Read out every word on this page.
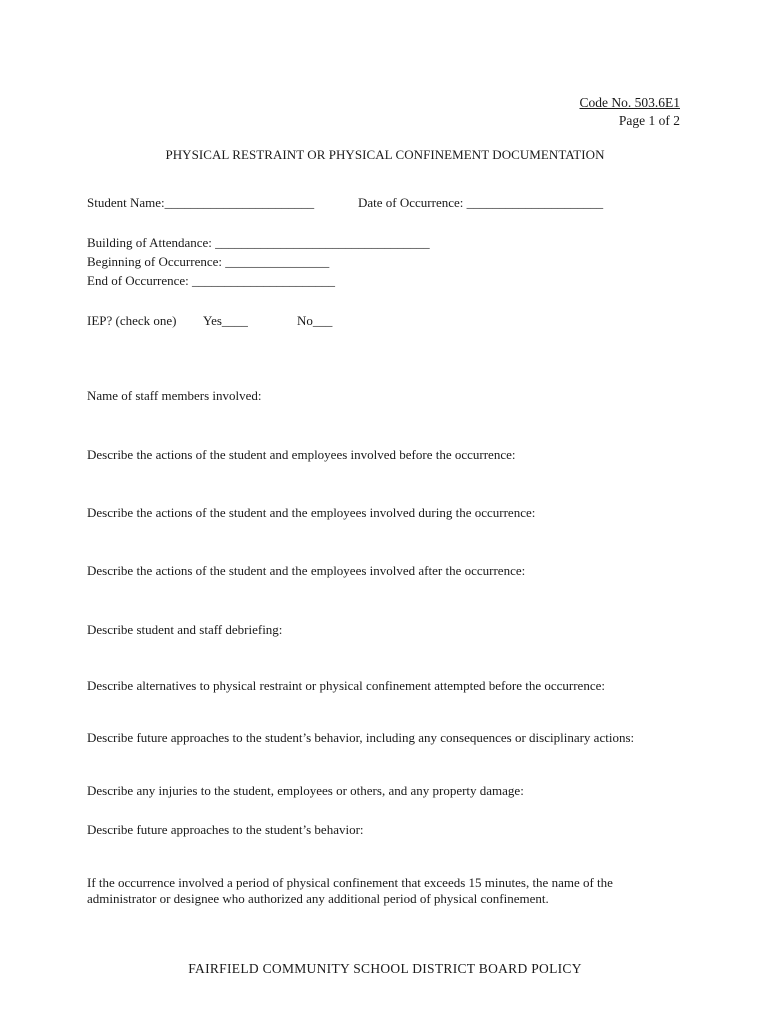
Code No. 503.6E1
Page 1 of 2
PHYSICAL RESTRAINT OR PHYSICAL CONFINEMENT DOCUMENTATION
Student Name:_______________________	Date of Occurrence: _____________________
Building of Attendance: _________________________________
Beginning of Occurrence: ________________
End of Occurrence: ______________________
IEP? (check one) Yes____	No___
Name of staff members involved:
Describe the actions of the student and employees involved before the occurrence:
Describe the actions of the student and the employees involved during the occurrence:
Describe the actions of the student and the employees involved after the occurrence:
Describe student and staff debriefing:
Describe alternatives to physical restraint or physical confinement attempted before the occurrence:
Describe future approaches to the student’s behavior, including any consequences or disciplinary actions:
Describe any injuries to the student, employees or others, and any property damage:
Describe future approaches to the student’s behavior:
If the occurrence involved a period of physical confinement that exceeds 15 minutes, the name of the
administrator or designee who authorized any additional period of physical confinement.
FAIRFIELD COMMUNITY SCHOOL DISTRICT BOARD POLICY
